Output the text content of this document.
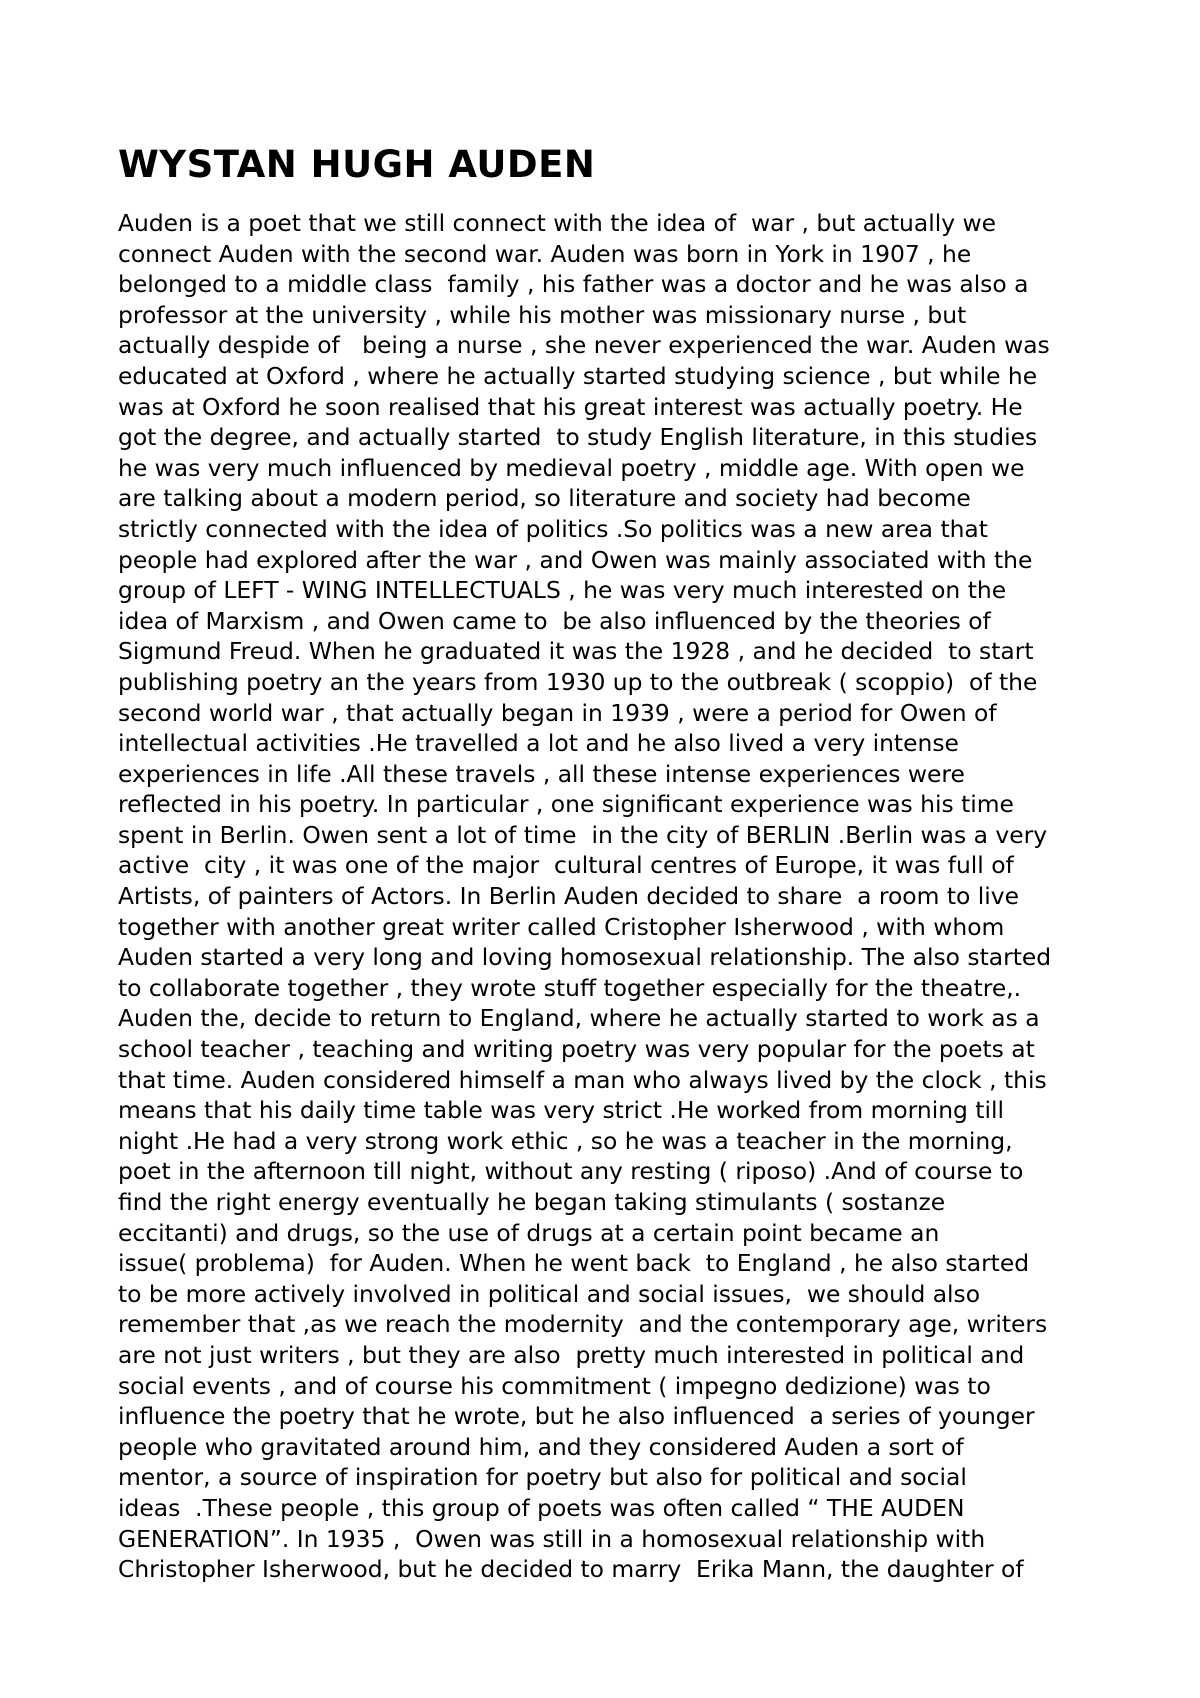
WYSTAN HUGH AUDEN
Auden is a poet that we still connect with the idea of  war , but actually we
connect Auden with the second war. Auden was born in York in 1907 , he
belonged to a middle class  family , his father was a doctor and he was also a
professor at the university , while his mother was missionary nurse , but
actually despide of   being a nurse , she never experienced the war. Auden was
educated at Oxford , where he actually started studying science , but while he
was at Oxford he soon realised that his great interest was actually poetry. He
got the degree, and actually started  to study English literature, in this studies
he was very much influenced by medieval poetry , middle age. With open we
are talking about a modern period, so literature and society had become
strictly connected with the idea of politics .So politics was a new area that
people had explored after the war , and Owen was mainly associated with the
group of LEFT - WING INTELLECTUALS , he was very much interested on the
idea of Marxism , and Owen came to  be also influenced by the theories of
Sigmund Freud. When he graduated it was the 1928 , and he decided  to start
publishing poetry an the years from 1930 up to the outbreak ( scoppio)  of the
second world war , that actually began in 1939 , were a period for Owen of
intellectual activities .He travelled a lot and he also lived a very intense
experiences in life .All these travels , all these intense experiences were
reflected in his poetry. In particular , one significant experience was his time
spent in Berlin. Owen sent a lot of time  in the city of BERLIN .Berlin was a very
active  city , it was one of the major  cultural centres of Europe, it was full of
Artists, of painters of Actors. In Berlin Auden decided to share  a room to live
together with another great writer called Cristopher Isherwood , with whom
Auden started a very long and loving homosexual relationship. The also started
to collaborate together , they wrote stuff together especially for the theatre,.
Auden the, decide to return to England, where he actually started to work as a
school teacher , teaching and writing poetry was very popular for the poets at
that time. Auden considered himself a man who always lived by the clock , this
means that his daily time table was very strict .He worked from morning till
night .He had a very strong work ethic , so he was a teacher in the morning,
poet in the afternoon till night, without any resting ( riposo) .And of course to
find the right energy eventually he began taking stimulants ( sostanze
eccitanti) and drugs, so the use of drugs at a certain point became an
issue( problema)  for Auden. When he went back  to England , he also started
to be more actively involved in political and social issues,  we should also
remember that ,as we reach the modernity  and the contemporary age, writers
are not just writers , but they are also  pretty much interested in political and
social events , and of course his commitment ( impegno dedizione) was to
influence the poetry that he wrote, but he also influenced  a series of younger
people who gravitated around him, and they considered Auden a sort of
mentor, a source of inspiration for poetry but also for political and social
ideas  .These people , this group of poets was often called “ THE AUDEN
GENERATION”. In 1935 ,  Owen was still in a homosexual relationship with
Christopher Isherwood, but he decided to marry  Erika Mann, the daughter of
